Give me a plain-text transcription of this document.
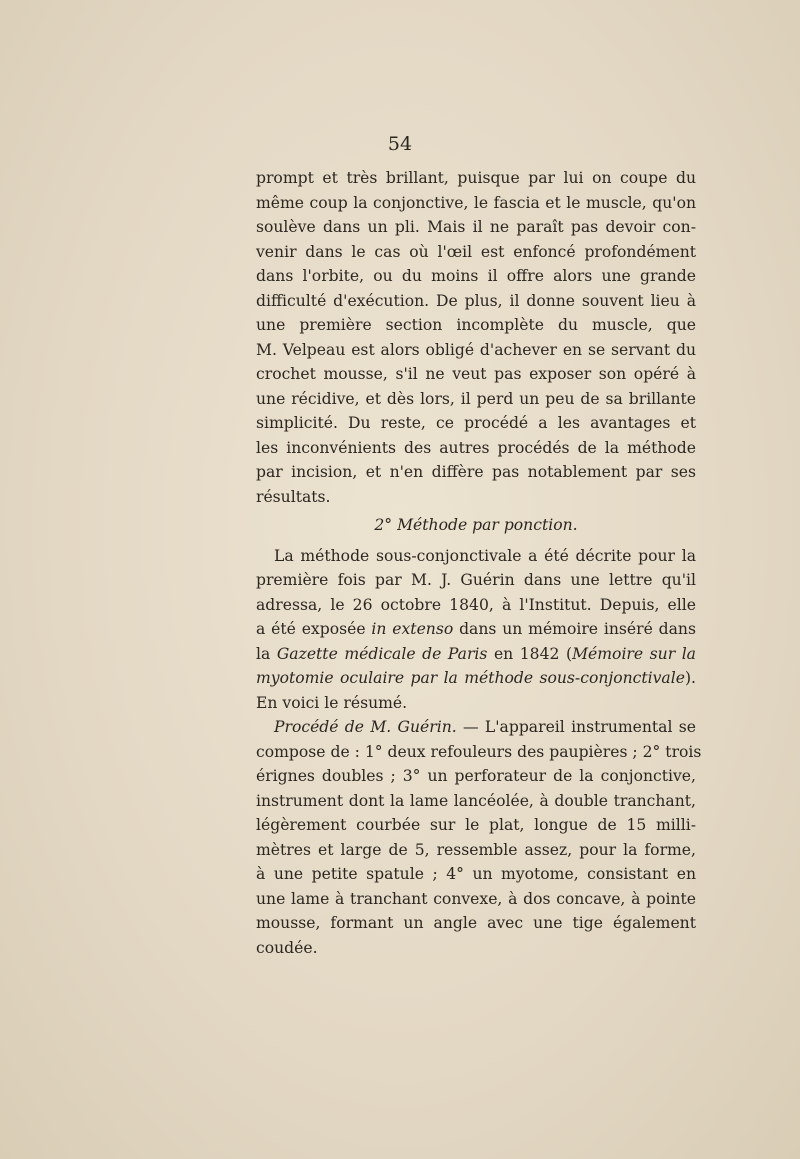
54

prompt et très brillant, puisque par lui on coupe du
même coup la conjonctive, le fascia et le muscle, qu'on
soulève dans un pli. Mais il ne paraît pas devoir con-
venir dans le cas où l'œil est enfoncé profondément
dans l'orbite, ou du moins il offre alors une grande
difficulté d'exécution. De plus, il donne souvent lieu à
une première section incomplète du muscle, que
M. Velpeau est alors obligé d'achever en se servant du
crochet mousse, s'il ne veut pas exposer son opéré à
une récidive, et dès lors, il perd un peu de sa brillante
simplicité. Du reste, ce procédé a les avantages et
les inconvénients des autres procédés de la méthode
par incision, et n'en diffère pas notablement par ses
résultats.

2° Méthode par ponction.

La méthode sous-conjonctivale a été décrite pour la
première fois par M. J. Guérin dans une lettre qu'il
adressa, le 26 octobre 1840, à l'Institut. Depuis, elle
a été exposée in extenso dans un mémoire inséré dans
la Gazette médicale de Paris en 1842 (Mémoire sur la
myotomie oculaire par la méthode sous-conjonctivale).
En voici le résumé.

Procédé de M. Guérin. — L'appareil instrumental se
compose de : 1° deux refouleurs des paupières ; 2° trois
érignes doubles ; 3° un perforateur de la conjonctive,
instrument dont la lame lancéolée, à double tranchant,
légèrement courbée sur le plat, longue de 15 milli-
mètres et large de 5, ressemble assez, pour la forme,
à une petite spatule ; 4° un myotome, consistant en
une lame à tranchant convexe, à dos concave, à pointe
mousse, formant un angle avec une tige également
coudée.
